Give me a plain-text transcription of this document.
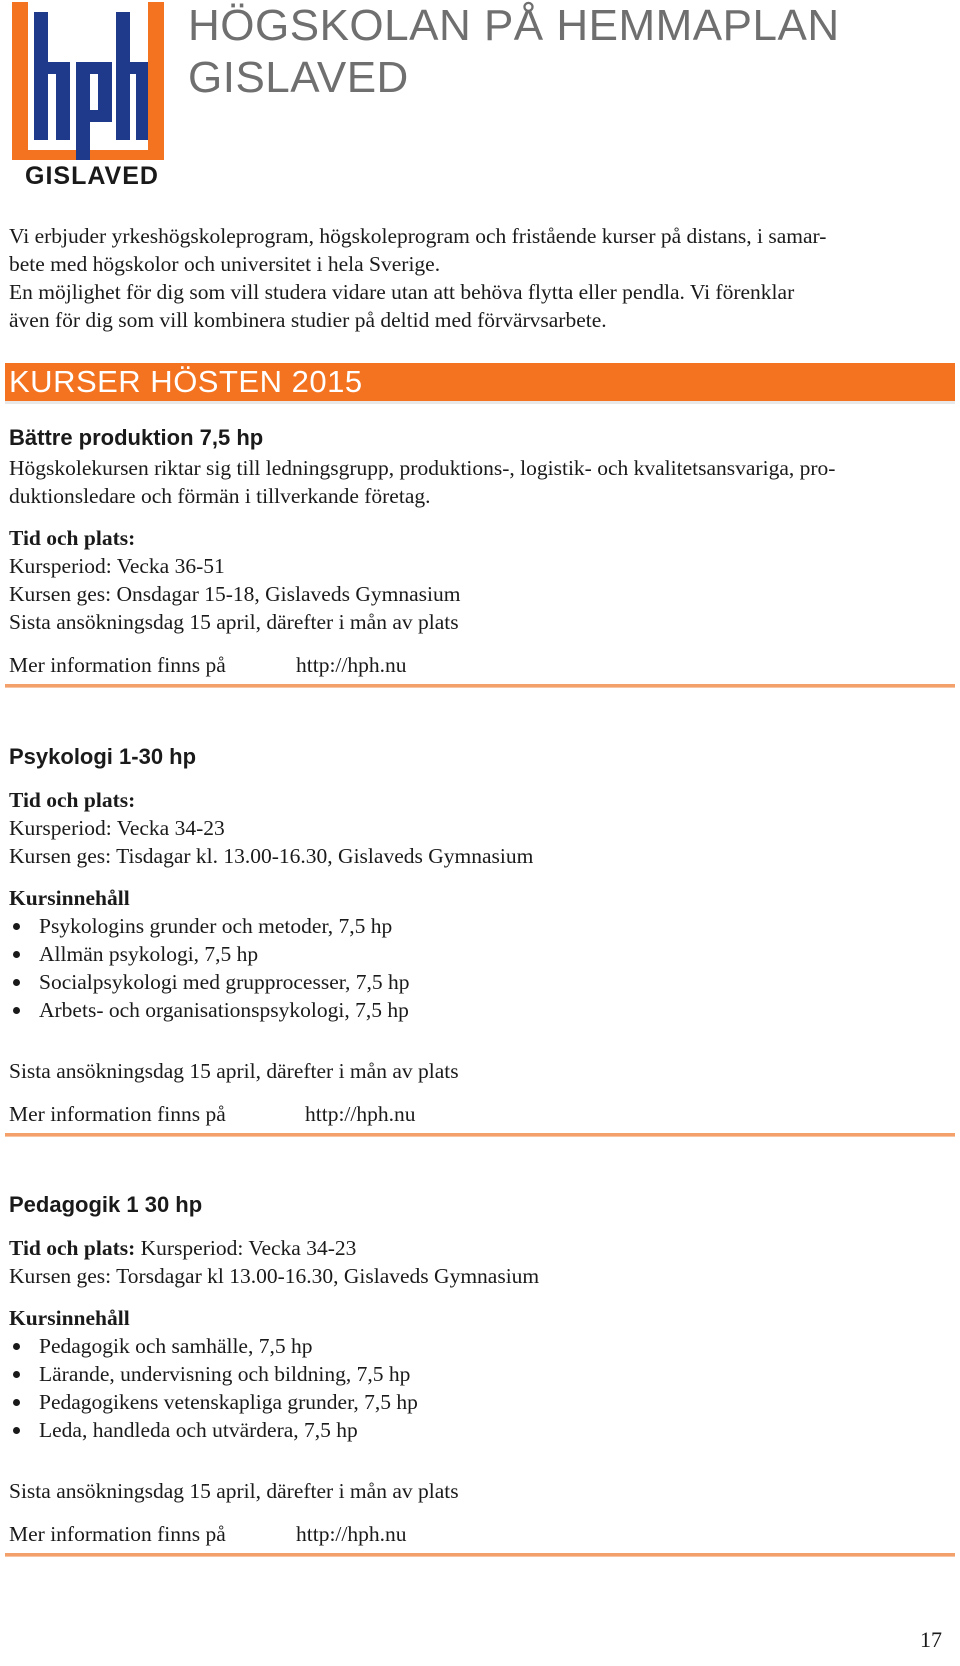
GISLAVED
HÖGSKOLAN PÅ HEMMAPLAN
GISLAVED

Vi erbjuder yrkeshögskoleprogram, högskoleprogram och fristående kurser på distans, i samar-

bete med högskolor och universitet i hela Sverige.

En möjlighet för dig som vill studera vidare utan att behöva flytta eller pendla. Vi förenklar

även för dig som vill kombinera studier på deltid med förvärvsarbete.

KURSER HÖSTEN 2015
Bättre produktion 7,5 hp

Högskolekursen riktar sig till ledningsgrupp, produktions-, logistik- och kvalitetsansvariga, pro-

duktionsledare och förmän i tillverkande företag.

Tid och plats:
Kursperiod: Vecka 36-51
Kursen ges: Onsdagar 15-18, Gislaveds Gymnasium
Sista ansökningsdag 15 april, därefter i mån av plats
Mer information finns på	http://hph.nu
Psykologi 1-30 hp
Tid och plats:
Kursperiod: Vecka 34-23
Kursen ges: Tisdagar kl. 13.00-16.30, Gislaveds Gymnasium
Kursinnehåll
Psykologins grunder och metoder, 7,5 hp
Allmän psykologi, 7,5 hp
Socialpsykologi med grupprocesser, 7,5 hp
Arbets- och organisationspsykologi, 7,5 hp
Sista ansökningsdag 15 april, därefter i mån av plats
Mer information finns på	http://hph.nu
Pedagogik 1 30 hp
Tid och plats: Kursperiod: Vecka 34-23
Kursen ges: Torsdagar kl 13.00-16.30, Gislaveds Gymnasium
Kursinnehåll
Pedagogik och samhälle, 7,5 hp
Lärande, undervisning och bildning, 7,5 hp
Pedagogikens vetenskapliga grunder, 7,5 hp
Leda, handleda och utvärdera, 7,5 hp
Sista ansökningsdag 15 april, därefter i mån av plats
Mer information finns på	http://hph.nu
17
